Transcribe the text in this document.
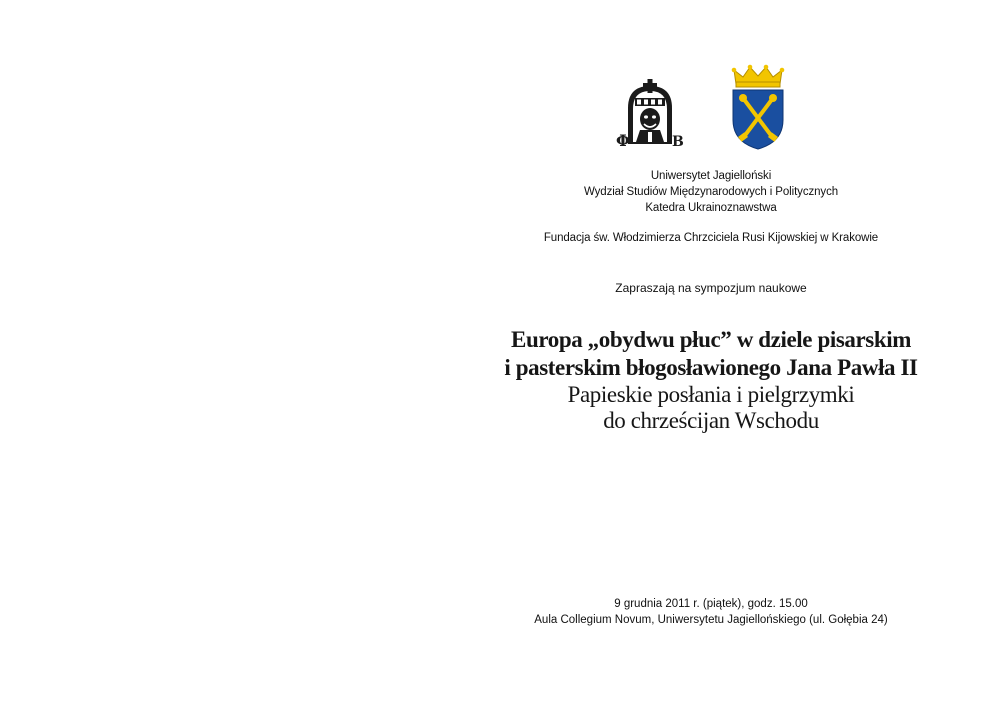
Φ	B
Uniwersytet Jagielloński
Wydział Studiów Międzynarodowych i Politycznych
Katedra Ukrainoznawstwa
Fundacja św. Włodzimierza Chrzciciela Rusi Kijowskiej w Krakowie
Zapraszają na sympozjum naukowe
Europa „obydwu płuc” w dziele pisarskim
i pasterskim błogosławionego Jana Pawła II
Papieskie posłania i pielgrzymki
do chrześcijan Wschodu
9 grudnia 2011 r. (piątek), godz. 15.00
Aula Collegium Novum, Uniwersytetu Jagiellońskiego (ul. Gołębia 24)
